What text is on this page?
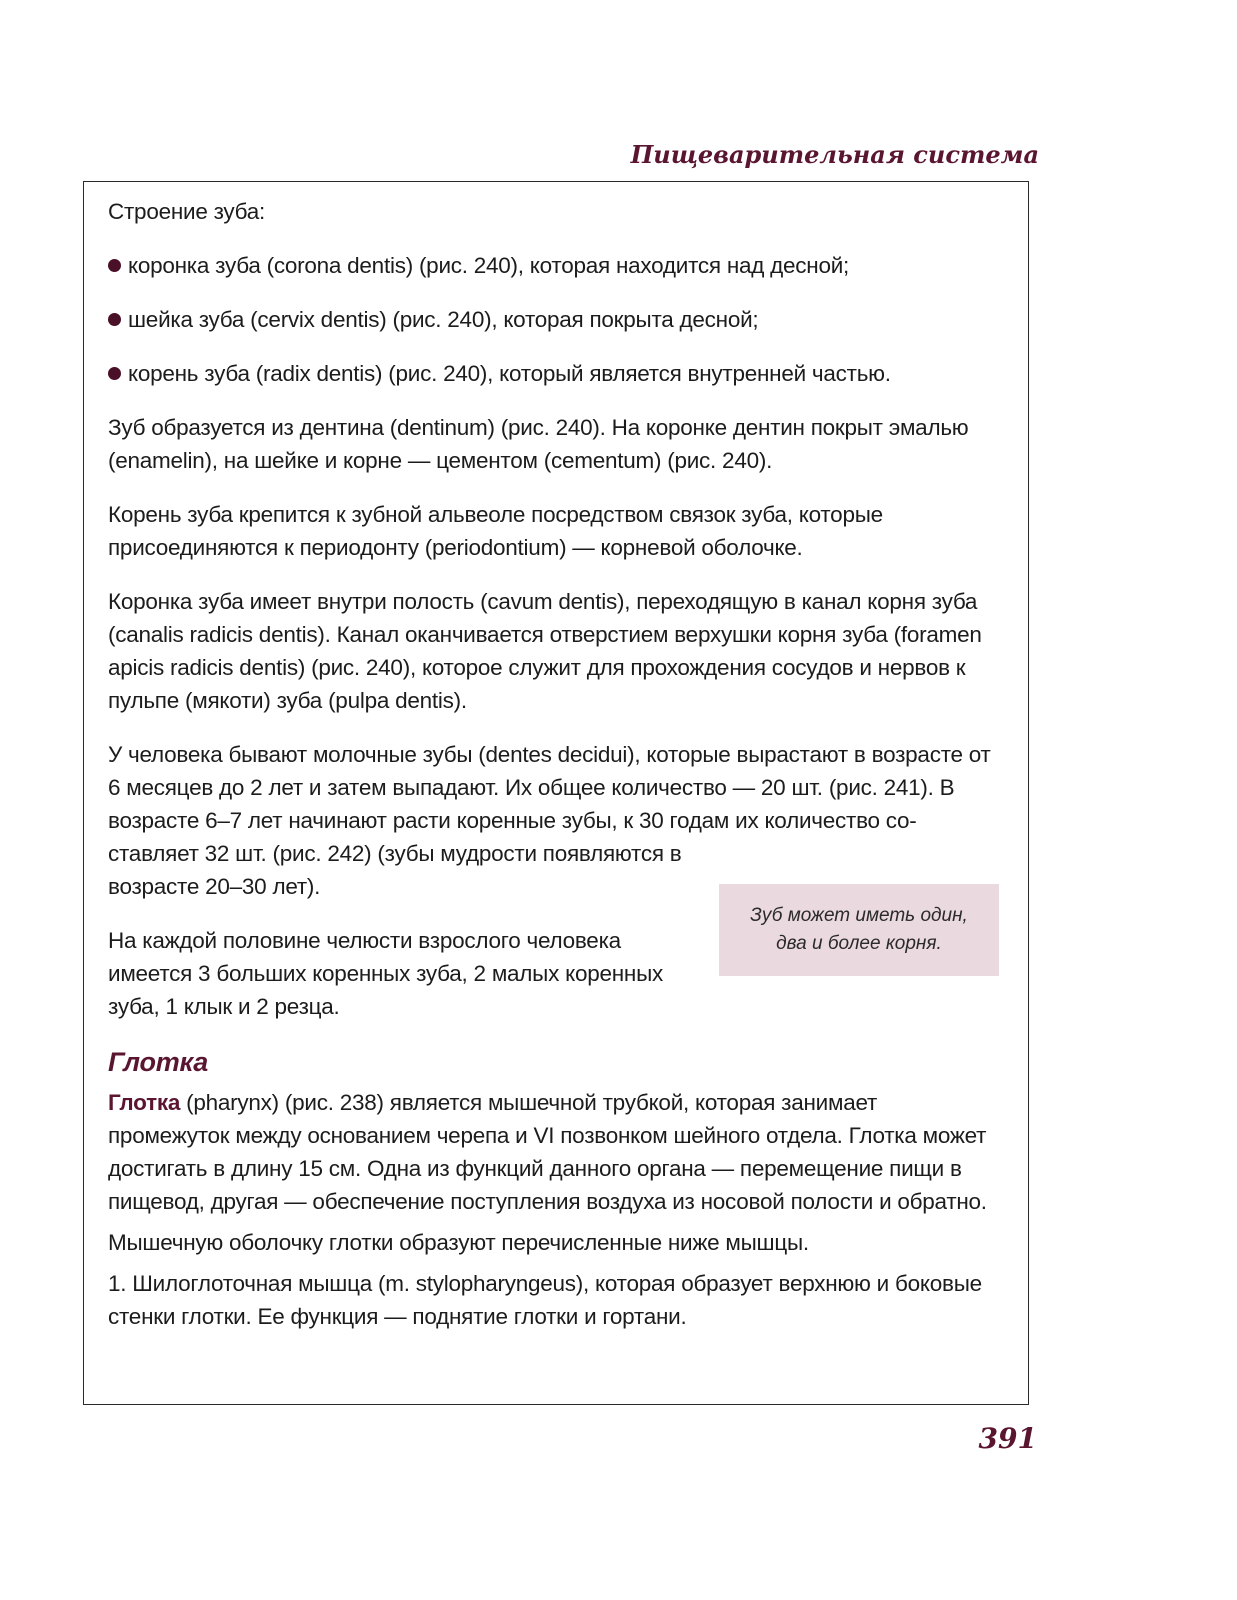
Пищеварительная система

Строение зуба:

коронка зуба (corona dentis) (рис. 240), которая находится над десной;
шейка зуба (cervix dentis) (рис. 240), которая покрыта десной;
корень зуба (radix dentis) (рис. 240), который является внутренней частью.

Зуб образуется из дентина (dentinum) (рис. 240). На коронке дентин покрыт эмалью (enamelin), на шейке и корне — цементом (cementum) (рис. 240).

Корень зуба крепится к зубной альвеоле посредством связок зуба, которые присоединяются к периодонту (periodontium) — корневой оболочке.

Коронка зуба имеет внутри полость (cavum dentis), переходящую в канал корня зуба (canalis radicis dentis). Канал оканчивается отверстием верхушки корня зуба (foramen apicis radicis dentis) (рис. 240), которое служит для прохождения сосудов и нервов к пульпе (мякоти) зуба (pulpa dentis).

У человека бывают молочные зубы (dentes decidui), которые вырастают в возрасте от 6 месяцев до 2 лет и затем выпадают. Их общее количество — 20 шт. (рис. 241). В возрасте 6–7 лет начинают расти коренные зубы, к 30 годам их количество со-

ставляет 32 шт. (рис. 242) (зубы мудрости появляются в возрасте 20–30 лет).

На каждой половине челюсти взрослого человека имеется 3 больших коренных зуба, 2 малых коренных зуба, 1 клык и 2 резца.

Глотка

Глотка (pharynx) (рис. 238) является мышечной трубкой, которая занимает промежуток между основанием черепа и VI позвонком шейного отдела. Глотка может достигать в длину 15 см. Одна из функций данного органа — перемещение пищи в пищевод, другая — обеспечение поступления воздуха из носовой полости и обратно.

Мышечную оболочку глотки образуют перечисленные ниже мышцы.

1. Шилоглоточная мышца (m. stylopharyngeus), которая образует верхнюю и боковые стенки глотки. Ее функция — поднятие глотки и гортани.

Зуб может иметь один, два и более корня.
391
